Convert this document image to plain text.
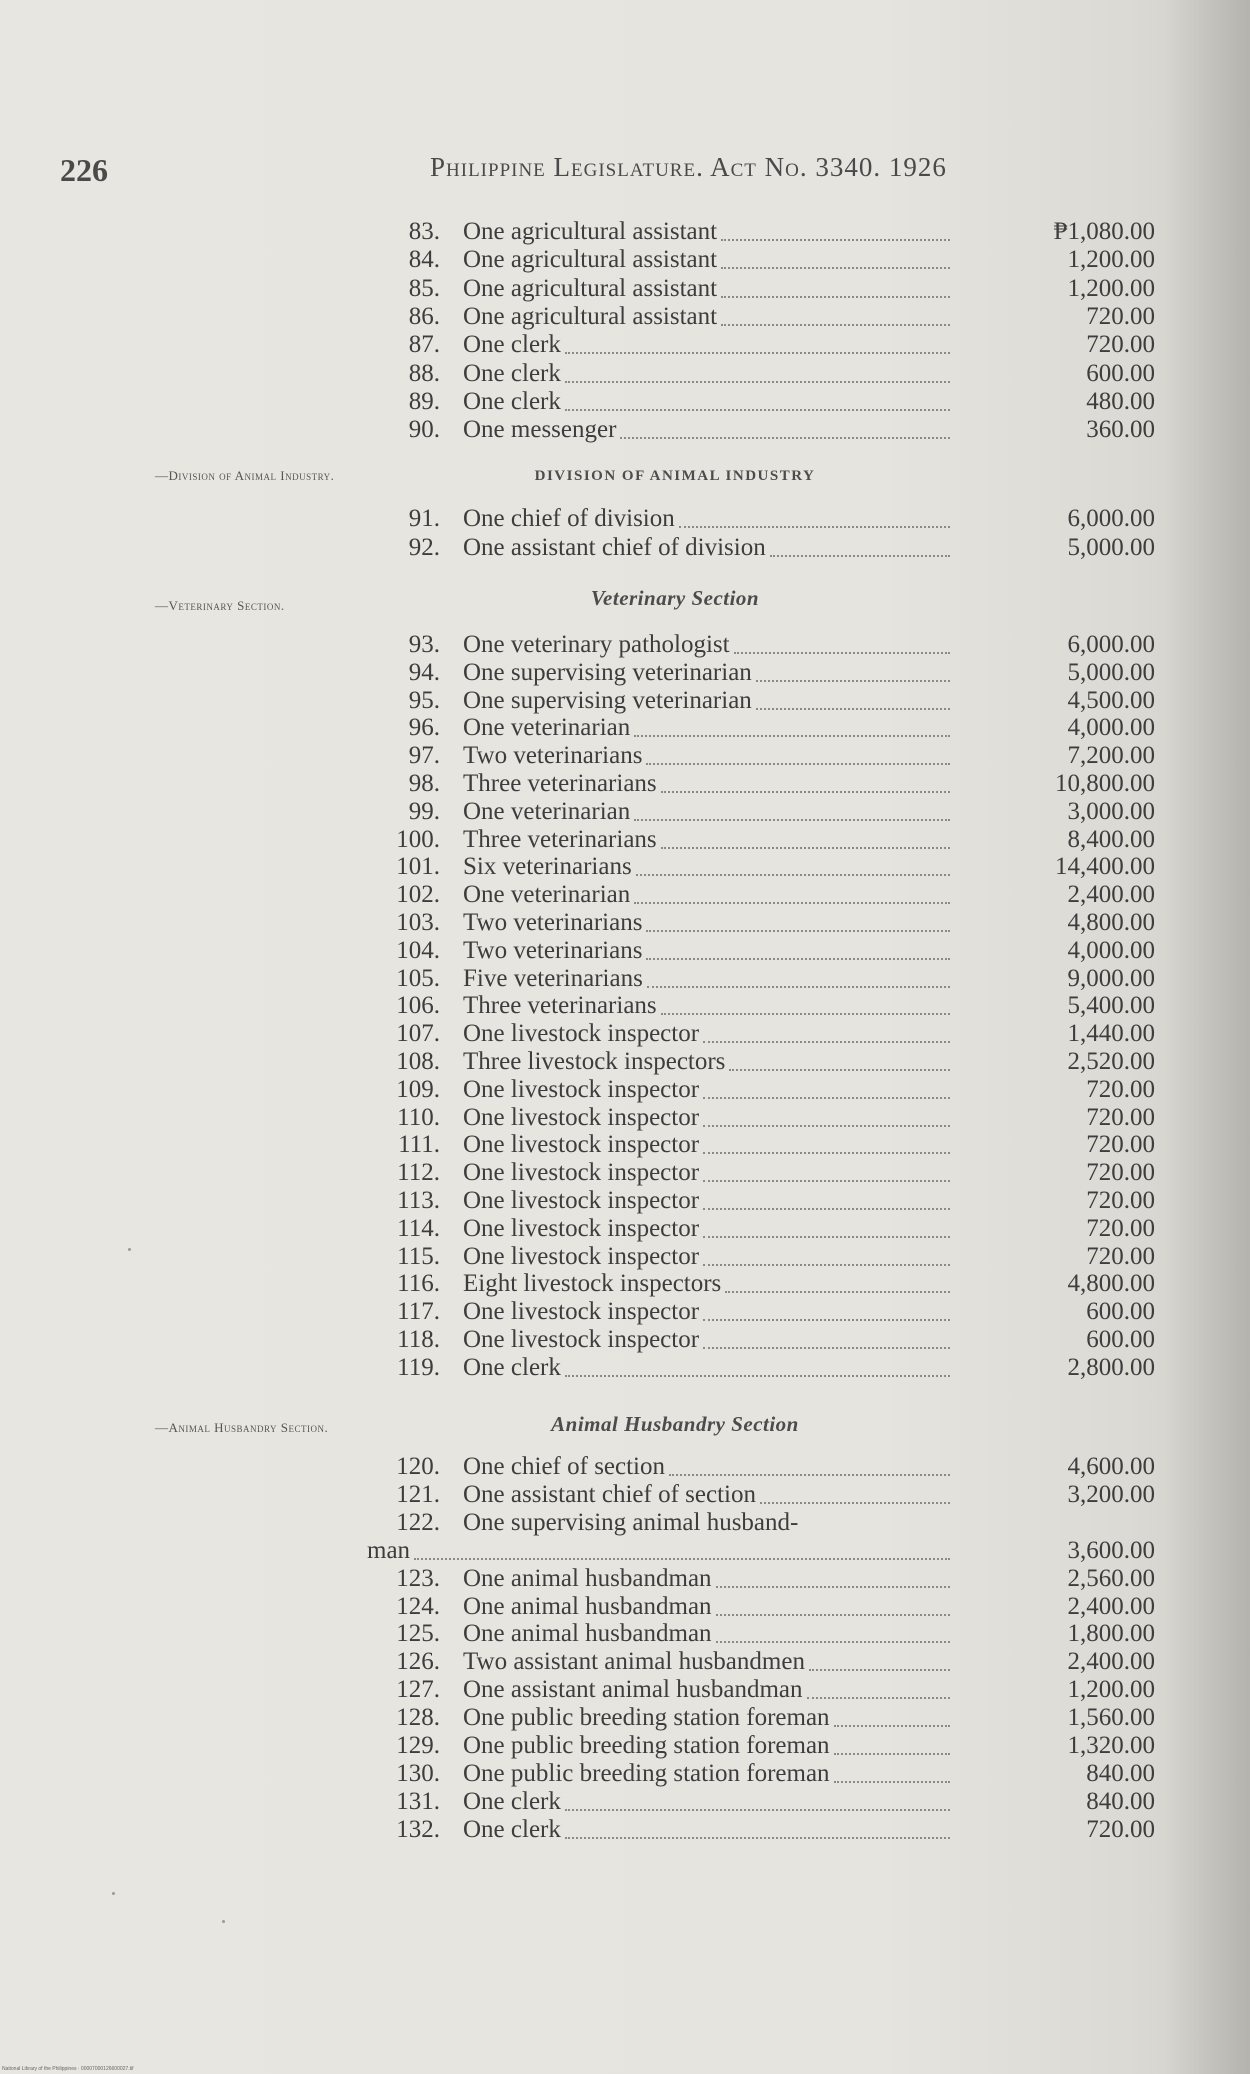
226	Philippine Legislature. Act No. 3340. 1926
—Division of Animal Industry.	DIVISION OF ANIMAL INDUSTRY
—Veterinary Section.	Veterinary Section
—Animal Husbandry Section.	Animal Husbandry Section
83. One agricultural assistant	₱1,080.00
84. One agricultural assistant	1,200.00
85. One agricultural assistant	1,200.00
86. One agricultural assistant	720.00
87. One clerk	720.00
88. One clerk	600.00
89. One clerk	480.00
90. One messenger	360.00
91. One chief of division	6,000.00
92. One assistant chief of division	5,000.00
93. One veterinary pathologist	6,000.00
94. One supervising veterinarian	5,000.00
95. One supervising veterinarian	4,500.00
96. One veterinarian	4,000.00
97. Two veterinarians	7,200.00
98. Three veterinarians	10,800.00
99. One veterinarian	3,000.00
100. Three veterinarians	8,400.00
101. Six veterinarians	14,400.00
102. One veterinarian	2,400.00
103. Two veterinarians	4,800.00
104. Two veterinarians	4,000.00
105. Five veterinarians	9,000.00
106. Three veterinarians	5,400.00
107. One livestock inspector	1,440.00
108. Three livestock inspectors	2,520.00
109. One livestock inspector	720.00
110. One livestock inspector	720.00
111. One livestock inspector	720.00
112. One livestock inspector	720.00
113. One livestock inspector	720.00
114. One livestock inspector	720.00
115. One livestock inspector	720.00
116. Eight livestock inspectors	4,800.00
117. One livestock inspector	600.00
118. One livestock inspector	600.00
119. One clerk	2,800.00
120. One chief of section	4,600.00
121. One assistant chief of section	3,200.00
122. One supervising animal husband-
man	3,600.00
123. One animal husbandman	2,560.00
124. One animal husbandman	2,400.00
125. One animal husbandman	1,800.00
126. Two assistant animal husbandmen	2,400.00
127. One assistant animal husbandman	1,200.00
128. One public breeding station foreman	1,560.00
129. One public breeding station foreman	1,320.00
130. One public breeding station foreman	840.00
131. One clerk	840.00
132. One clerk	720.00
National Library of the Philippines · 00007000126600027.tif
